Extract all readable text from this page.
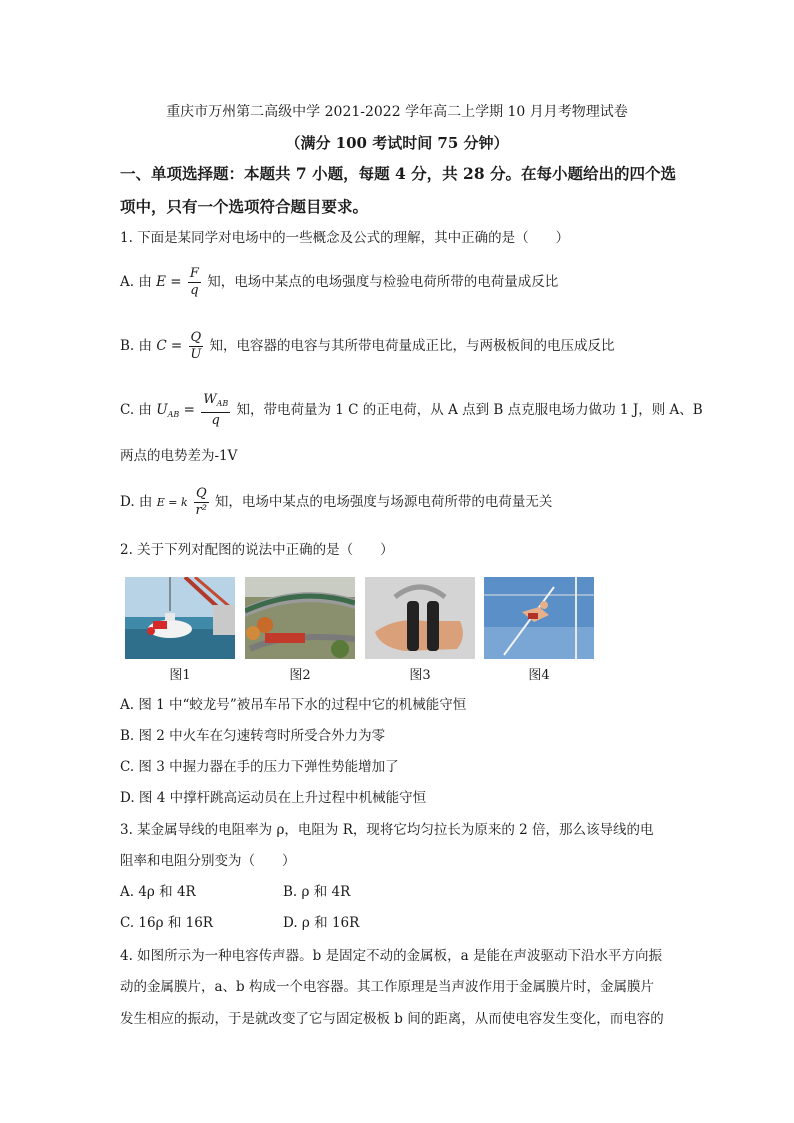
重庆市万州第二高级中学 2021-2022 学年高二上学期 10 月月考物理试卷
（满分 100 考试时间 75 分钟）
一、单项选择题：本题共 7 小题，每题 4 分，共 28 分。在每小题给出的四个选
项中，只有一个选项符合题目要求。
1. 下面是某同学对电场中的一些概念及公式的理解，其中正确的是（　　）
A. 由 $E = \frac{F}{q}$ 知，电场中某点的电场强度与检验电荷所带的电荷量成反比
B. 由 $C = \frac{Q}{U}$ 知，电容器的电容与其所带电荷量成正比，与两极板间的电压成反比
C. 由 $U_{AB} = \frac{W_{AB}}{q}$ 知，带电荷量为 1 C 的正电荷，从 A 点到 B 点克服电场力做功 1 J，则 A、B
两点的电势差为-1V
D. 由 E = k $\frac{Q}{\text{r²}}$ 知，电场中某点的电场强度与场源电荷所带的电荷量无关
2. 关于下列对配图的说法中正确的是（　　）
图1	图2	图3	图4
A. 图 1 中“蛟龙号”被吊车吊下水的过程中它的机械能守恒
B. 图 2 中火车在匀速转弯时所受合外力为零
C. 图 3 中握力器在手的压力下弹性势能增加了
D. 图 4 中撑杆跳高运动员在上升过程中机械能守恒
3. 某金属导线的电阻率为 ρ，电阻为 R，现将它均匀拉长为原来的 2 倍，那么该导线的电
阻率和电阻分别变为（　　）
A. 4ρ 和 4R	B. ρ 和 4R
C. 16ρ 和 16R	D. ρ 和 16R
4. 如图所示为一种电容传声器。b 是固定不动的金属板，a 是能在声波驱动下沿水平方向振
动的金属膜片，a、b 构成一个电容器。其工作原理是当声波作用于金属膜片时，金属膜片
发生相应的振动，于是就改变了它与固定极板 b 间的距离，从而使电容发生变化，而电容的
